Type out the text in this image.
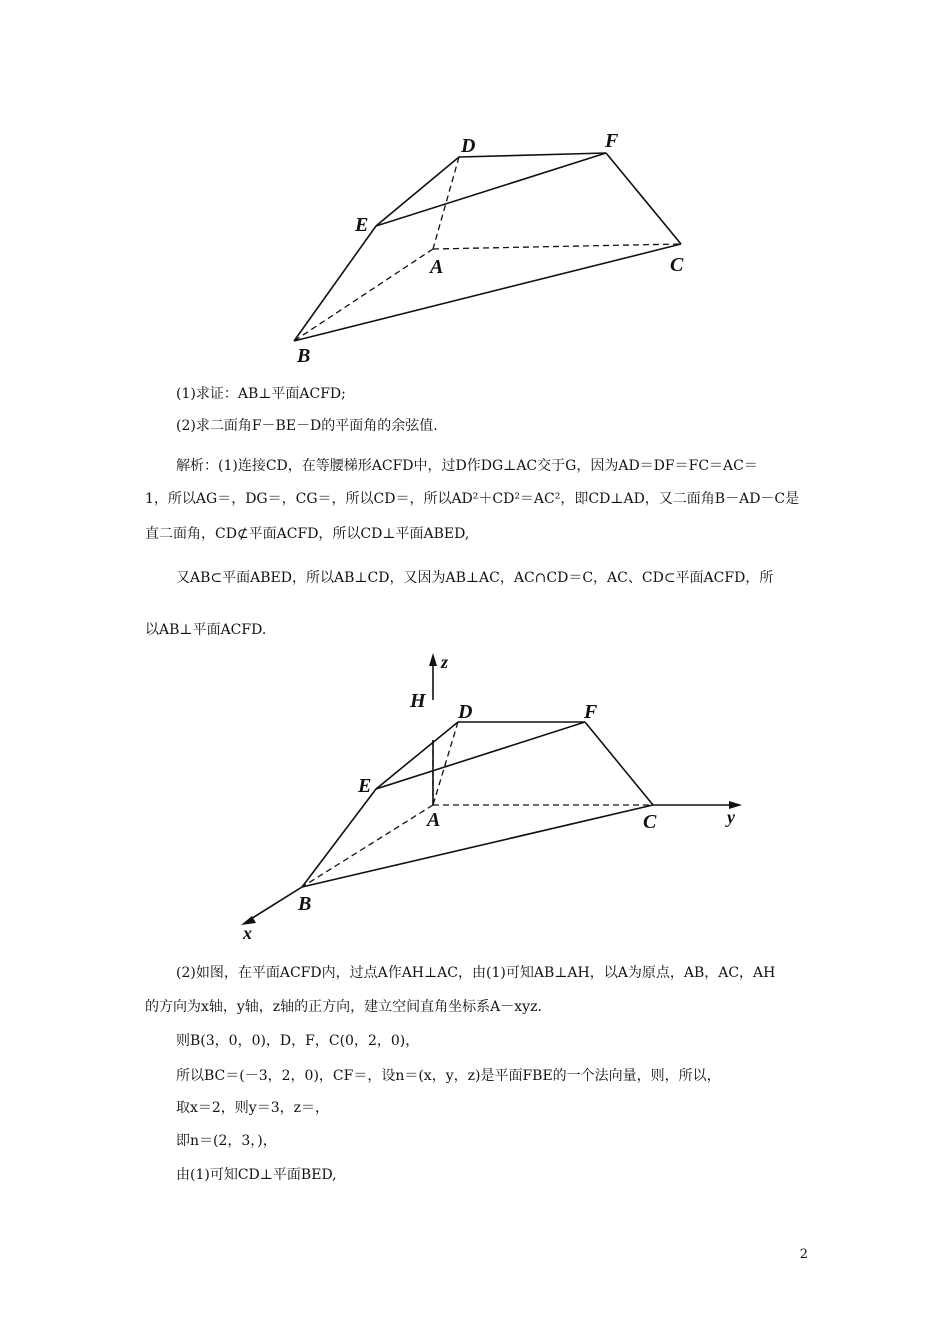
D	F
E
A	C
B
(1)求证：AB⊥平面ACFD;
(2)求二面角F－BE－D的平面角的余弦值.
解析：(1)连接CD，在等腰梯形ACFD中，过D作DG⊥AC交于G，因为AD＝DF＝FC＝AC＝
1，所以AG＝，DG＝，CG＝，所以CD＝，所以AD²＋CD²＝AC²，即CD⊥AD，又二面角B－AD－C是
直二面角，CD⊄平面ACFD，所以CD⊥平面ABED,
又AB⊂平面ABED，所以AB⊥CD，又因为AB⊥AC，AC∩CD＝C，AC、CD⊂平面ACFD，所
以AB⊥平面ACFD.
z
H D	F
E
A	C	y
B
x
(2)如图，在平面ACFD内，过点A作AH⊥AC，由(1)可知AB⊥AH，以A为原点，AB，AC，AH
的方向为x轴，y轴，z轴的正方向，建立空间直角坐标系A－xyz.
则B(3，0，0)，D，F，C(0，2，0)，
所以BC＝(－3，2，0)，CF＝，设n＝(x，y，z)是平面FBE的一个法向量，则，所以，
取x＝2，则y＝3，z＝，
即n＝(2，3，)，
由(1)可知CD⊥平面BED,
2
